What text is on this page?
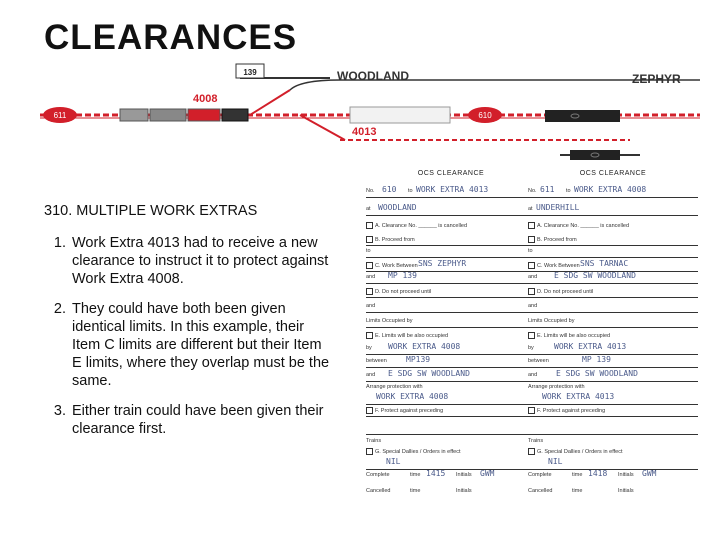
CLEARANCES
139	WOODLAND	ZEPHYR
611
4008
4013
610
310. MULTIPLE WORK EXTRAS
1. Work Extra 4013 had to receive a new clearance to instruct it to protect against Work Extra 4008.
2. They could have both been given identical limits. In this example, their Item C limits are different but their Item E limits, where they overlap must be the same.
3. Either train could have been given their clearance first.
OCS CLEARANCE
No. 610 to WORK EXTRA 4013
at WOODLAND
A. Clearance No. ______ is cancelled
B. Proceed from
to
C. Work Between SNS ZEPHYR
and MP 139
D. Do not proceed until
and
Limits Occupied by
E. Limits will be also occupied
by WORK EXTRA 4008
between MP139
and E SDG SW WOODLAND
Arrange protection with
WORK EXTRA 4008
F. Protect against preceding
Trains
G. Special Dallies / Orders in effect
NIL
Complete	time 1415 Initials GWM
Cancelled	time	Initials
OCS CLEARANCE
No. 611 to WORK EXTRA 4008
at UNDERHILL
A. Clearance No. ______ is cancelled
B. Proceed from
to
C. Work Between SNS TARNAC
and E SDG SW WOODLAND
D. Do not proceed until
and
Limits Occupied by
E. Limits will be also occupied
by	WORK EXTRA 4013
between	MP 139
and E SDG SW WOODLAND
Arrange protection with
WORK EXTRA 4013
F. Protect against preceding
Trains
G. Special Dallies / Orders in effect
NIL
Complete	time 1418 Initials GWM
Cancelled	time	Initials
